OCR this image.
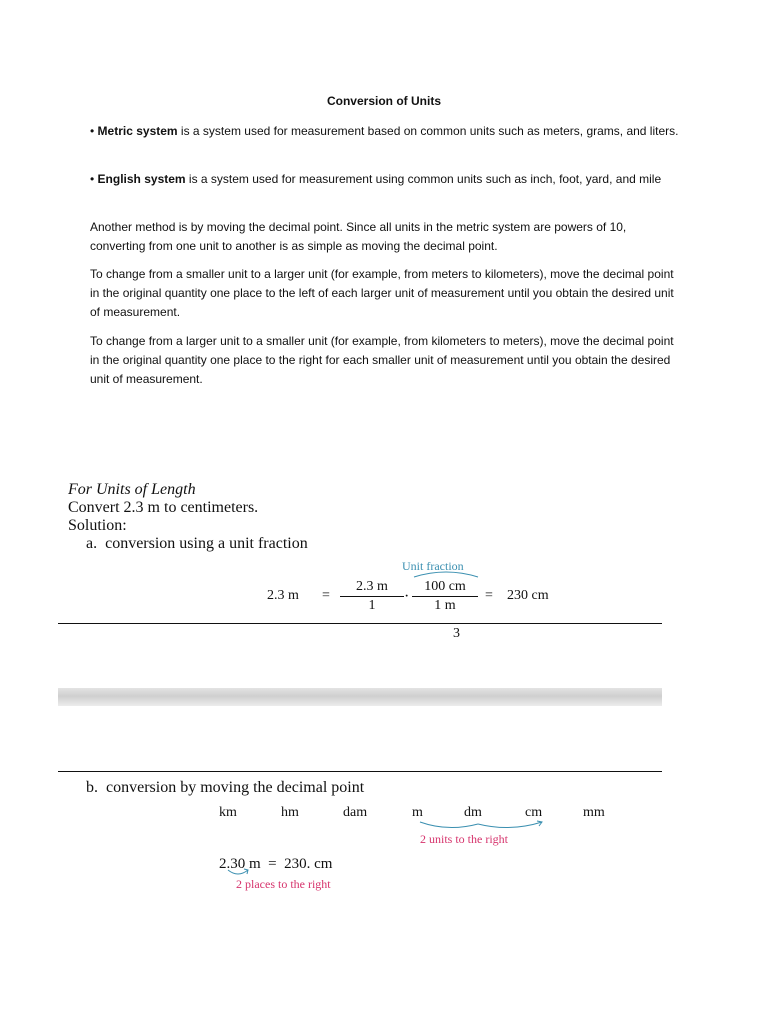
Conversion of Units
• Metric system is a system used for measurement based on common units such as meters, grams, and liters.
• English system is a system used for measurement using common units such as inch, foot, yard, and mile
Another method is by moving the decimal point. Since all units in the metric system are powers of 10, converting from one unit to another is as simple as moving the decimal point.
To change from a smaller unit to a larger unit (for example, from meters to kilometers), move the decimal point in the original quantity one place to the left of each larger unit of measurement until you obtain the desired unit of measurement.
To change from a larger unit to a smaller unit (for example, from kilometers to meters), move the decimal point in the original quantity one place to the right for each smaller unit of measurement until you obtain the desired unit of measurement.
For Units of Length
Convert 2.3 m to centimeters.
Solution:
a.  conversion using a unit fraction
Unit fraction
2.3 m =
2.3 m
1
·
100 cm
1 m
= 230 cm
3
b.  conversion by moving the decimal point
km	hm	dam	m	dm	cm	mm
2 units to the right
2.30 m  =  230. cm
2 places to the right
